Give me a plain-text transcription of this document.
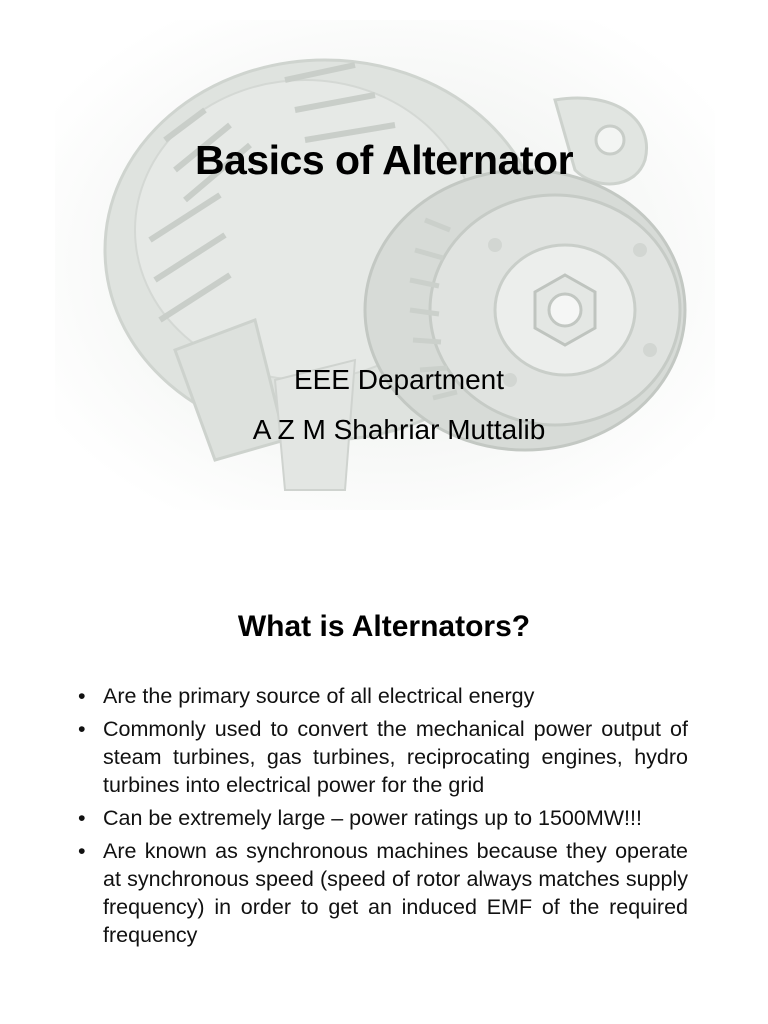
Basics of Alternator
EEE Department
A Z M Shahriar Muttalib
What is Alternators?
• Are the primary source of all electrical energy
• Commonly used to convert the mechanical power output of steam turbines, gas turbines, reciprocating engines, hydro turbines into electrical power for the grid
• Can be extremely large – power ratings up to 1500MW!!!
• Are known as synchronous machines because they operate at synchronous speed (speed of rotor always matches supply frequency) in order to get an induced EMF of the required frequency
